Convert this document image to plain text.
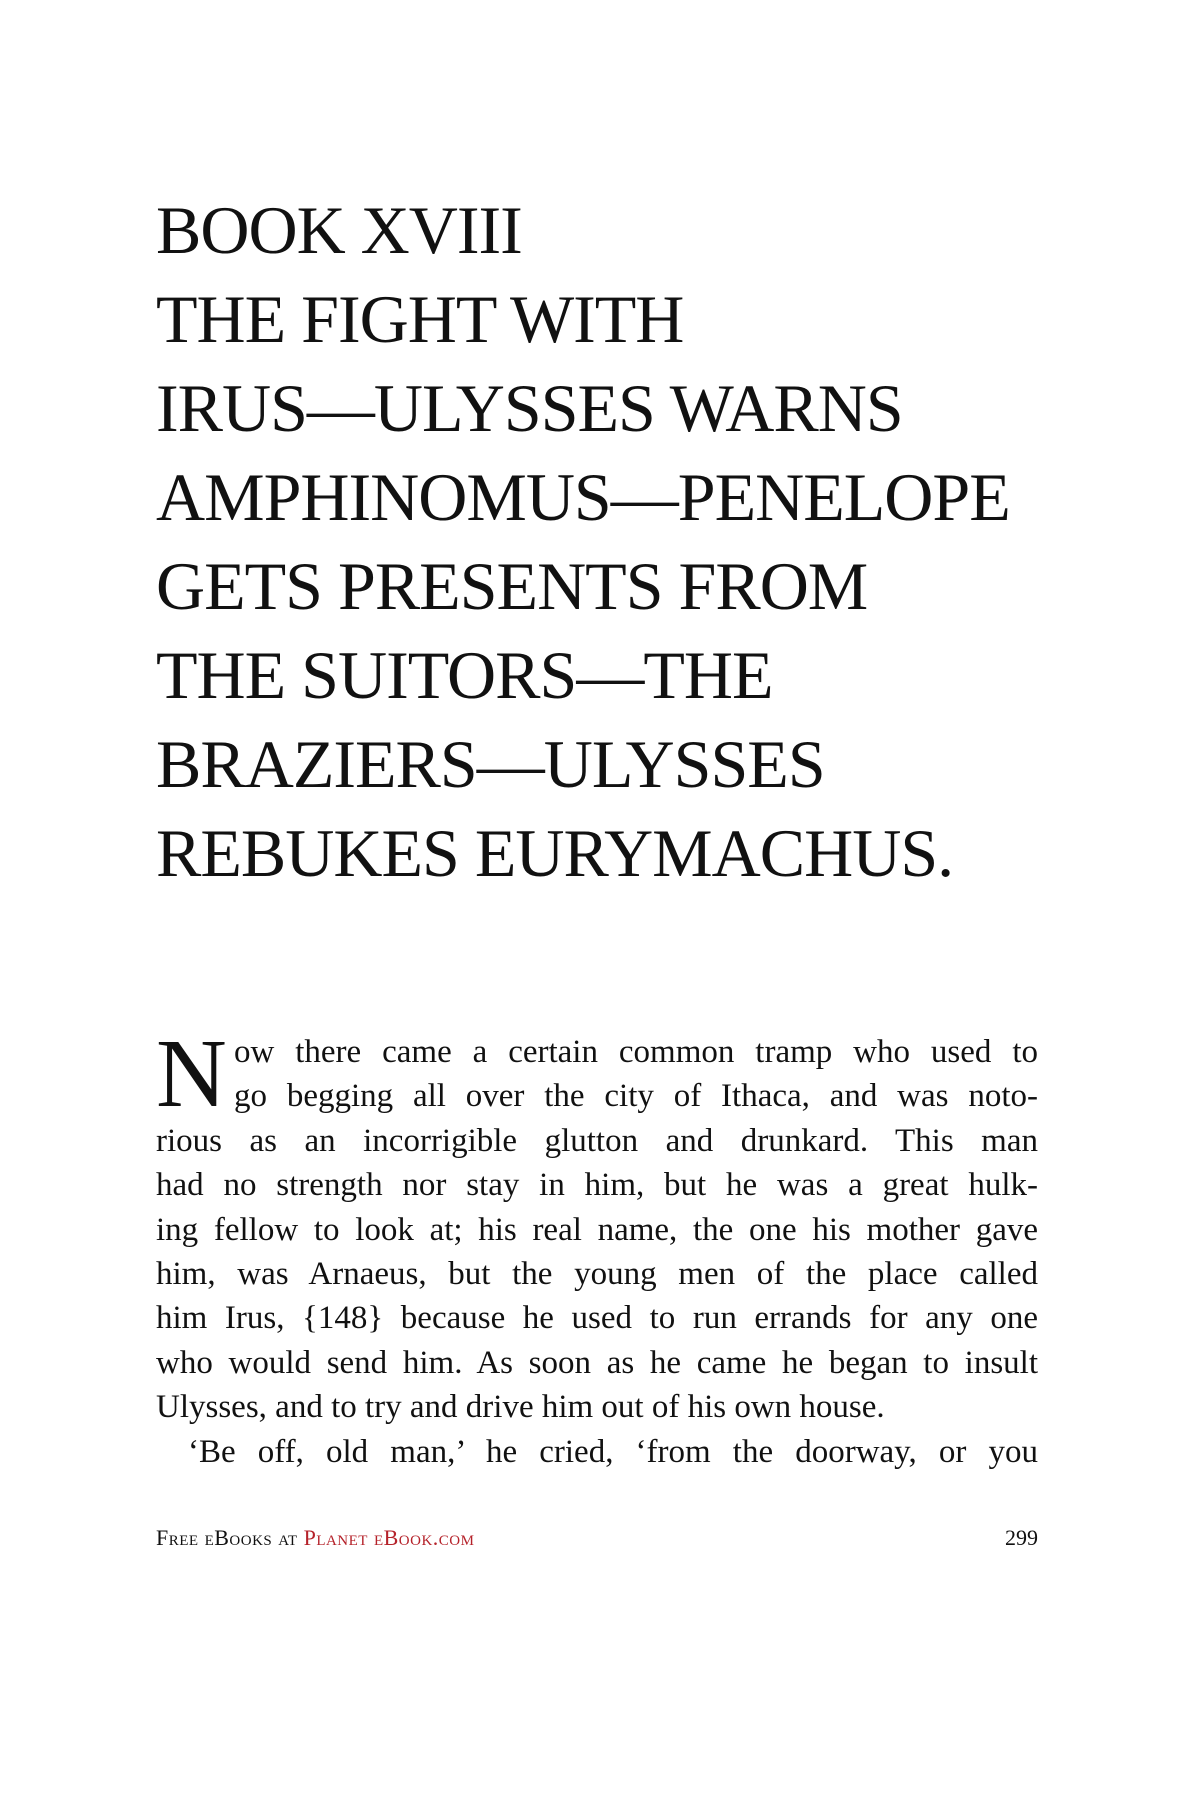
BOOK XVIII
THE FIGHT WITH
IRUS—ULYSSES WARNS
AMPHINOMUS—PENELOPE
GETS PRESENTS FROM
THE SUITORS—THE
BRAZIERS—ULYSSES
REBUKES EURYMACHUS.
N ow there came a certain common tramp who used to
go begging all over the city of Ithaca, and was noto-
rious as an incorrigible glutton and drunkard. This man
had no strength nor stay in him, but he was a great hulk-
ing fellow to look at; his real name, the one his mother gave
him, was Arnaeus, but the young men of the place called
him Irus, {148} because he used to run errands for any one
who would send him. As soon as he came he began to insult
Ulysses, and to try and drive him out of his own house.
‘Be off, old man,’ he cried, ‘from the doorway, or you
Free eBooks at Planet eBook.com	299
